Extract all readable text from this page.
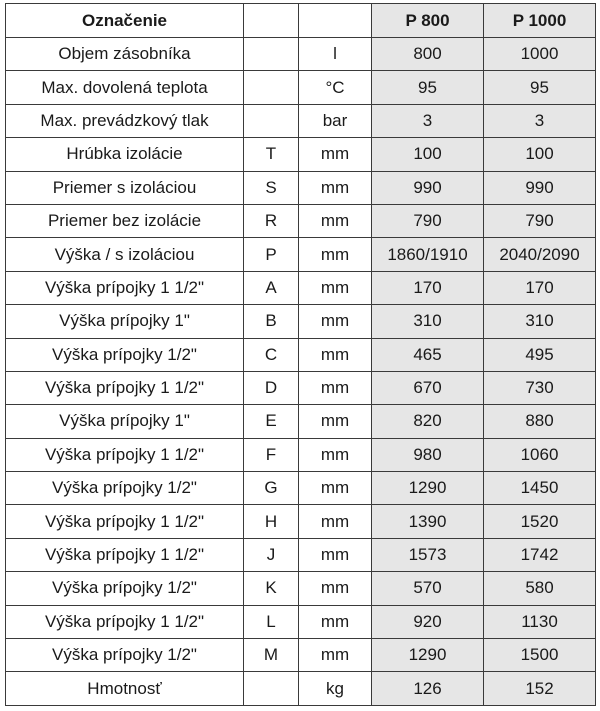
Označenie			P 800	P 1000
Objem zásobníka		l	800	1000
Max. dovolená teplota		°C	95	95
Max. prevádzkový tlak		bar	3	3
Hrúbka izolácie	T	mm	100	100
Priemer s izoláciou	S	mm	990	990
Priemer bez izolácie	R	mm	790	790
Výška / s izoláciou	P	mm	1860/1910	2040/2090
Výška prípojky 1 1/2"	A	mm	170	170
Výška prípojky 1"	B	mm	310	310
Výška prípojky 1/2"	C	mm	465	495
Výška prípojky 1 1/2"	D	mm	670	730
Výška prípojky 1"	E	mm	820	880
Výška prípojky 1 1/2"	F	mm	980	1060
Výška prípojky 1/2"	G	mm	1290	1450
Výška prípojky 1 1/2"	H	mm	1390	1520
Výška prípojky 1 1/2"	J	mm	1573	1742
Výška prípojky 1/2"	K	mm	570	580
Výška prípojky 1 1/2"	L	mm	920	1130
Výška prípojky 1/2"	M	mm	1290	1500
Hmotnosť		kg	126	152
